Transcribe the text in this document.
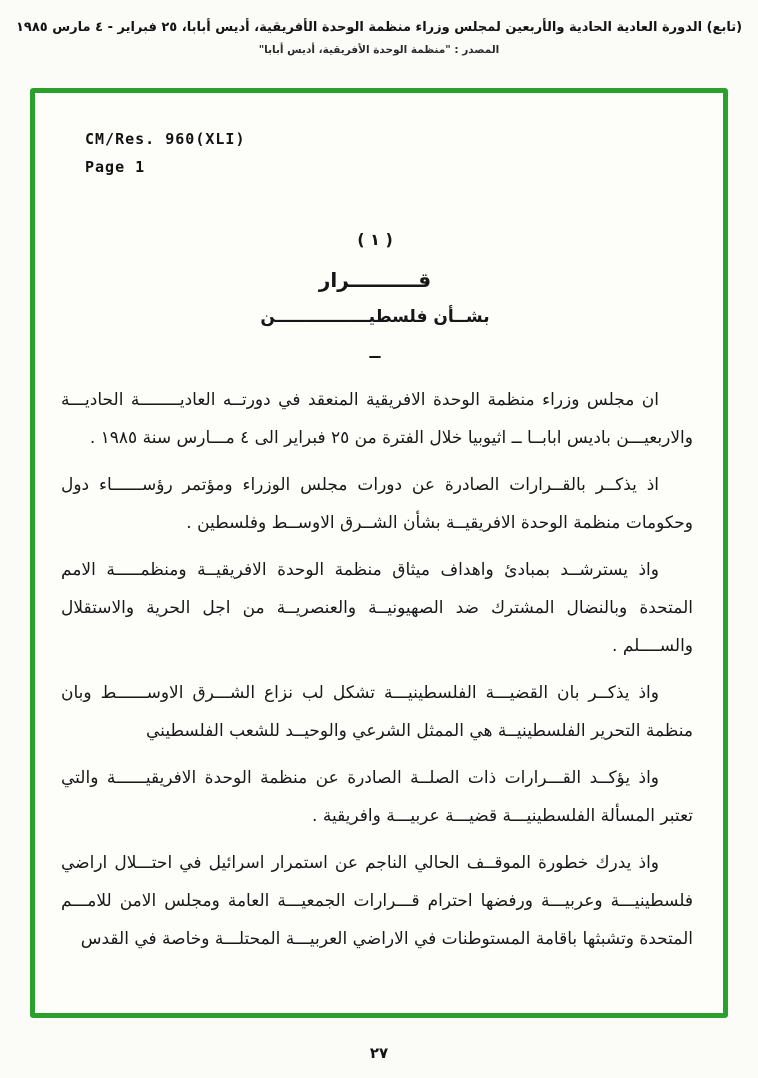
(تابع) الدورة العادية الحادية والأربعين لمجلس وزراء منظمة الوحدة الأفريقية، أديس أبابا، ٢٥ فبراير - ٤ مارس ١٩٨٥
المصدر : "منظمة الوحدة الأفريقية، أديس أبابا"
CM/Res. 960(XLI)
Page 1
( ١ )
قــــــــــرار
بشــأن فلسطيــــــــــــــــن
ــ

ان مجلس وزراء منظمة الوحدة الافريقية المنعقد في دورتــه العاديــــــــة الحاديـــة والاربعيـــن باديس ابابــا ــ اثيوبيا خلال الفترة من ٢٥ فبراير الى ٤ مـــارس سنة ١٩٨٥ .

اذ يذكــر بالقــرارات الصادرة عن دورات مجلس الوزراء ومؤتمر رؤســــــاء دول وحكومات منظمة الوحدة الافريقيــة بشأن الشــرق الاوســط وفلسطين .

واذ يسترشــد بمبادئ واهداف ميثاق منظمة الوحدة الافريقيــة ومنظمـــــة الامم المتحدة وبالنضال المشترك ضد الصهيونيــة والعنصريــة من اجل الحرية والاستقلال والســــلم .

واذ يذكــر بان القضيـــة الفلسطينيـــة تشكل لب نزاع الشـــرق الاوســــــط وبان منظمة التحرير الفلسطينيــة هي الممثل الشرعي والوحيــد للشعب الفلسطيني

واذ يؤكــد القـــرارات ذات الصلــة الصادرة عن منظمة الوحدة الافريقيــــــة والتي تعتبر المسألة الفلسطينيـــة قضيـــة عربيـــة وافريقية .

واذ يدرك خطورة الموقــف الحالي الناجم عن استمرار اسرائيل في احتـــلال اراضي فلسطينيـــة وعربيـــة ورفضها احترام قـــرارات الجمعيـــة العامة ومجلس الامن للامـــم المتحدة وتشبثها باقامة المستوطنات في الاراضي العربيـــة المحتلـــة وخاصة في القدس

٢٧
